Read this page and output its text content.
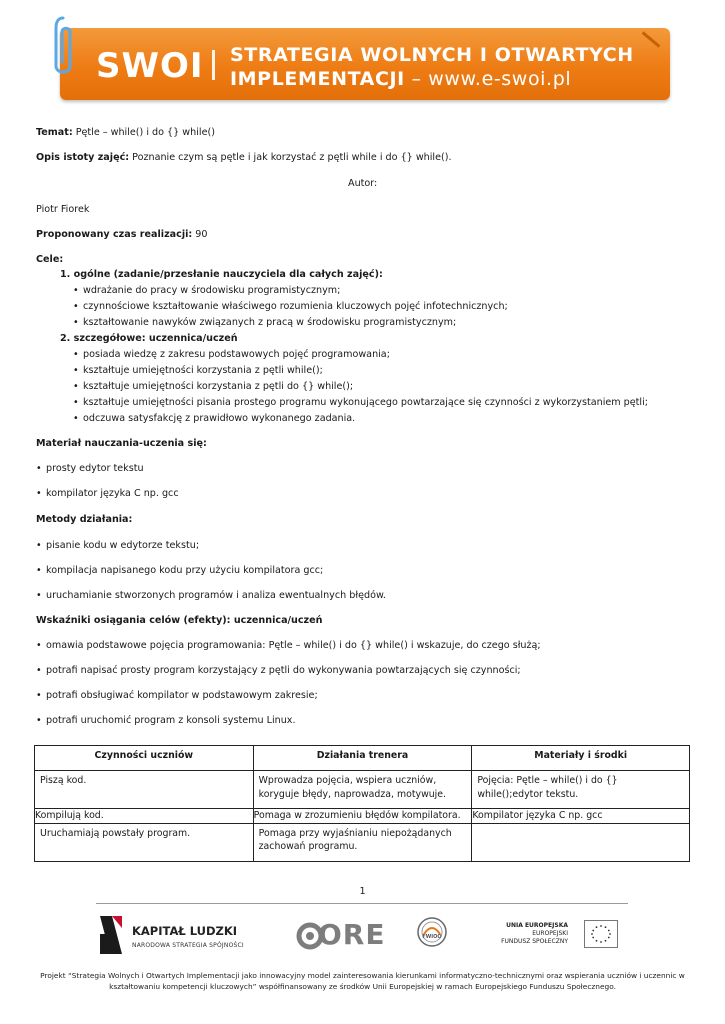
SWOI	STRATEGIA WOLNYCH I OTWARTYCH
IMPLEMENTACJI – www.e-swoi.pl
Temat: Pętle – while() i do {} while()
Opis istoty zajęć: Poznanie czym są pętle i jak korzystać z pętli while i do {} while().
Autor:
Piotr Fiorek
Proponowany czas realizacji: 90
Cele:
1. ogólne (zadanie/przesłanie nauczyciela dla całych zajęć):
• wdrażanie do pracy w środowisku programistycznym;
• czynnościowe kształtowanie właściwego rozumienia kluczowych pojęć infotechnicznych;
• kształtowanie nawyków związanych z pracą w środowisku programistycznym;
2. szczegółowe: uczennica/uczeń
• posiada wiedzę z zakresu podstawowych pojęć programowania;
• kształtuje umiejętności korzystania z pętli while();
• kształtuje umiejętności korzystania z pętli do {} while();
• kształtuje umiejętności pisania prostego programu wykonującego powtarzające się czynności z wykorzystaniem pętli;
• odczuwa satysfakcję z prawidłowo wykonanego zadania.
Materiał nauczania-uczenia się:
• prosty edytor tekstu
• kompilator języka C np. gcc
Metody działania:
• pisanie kodu w edytorze tekstu;
• kompilacja napisanego kodu przy użyciu kompilatora gcc;
• uruchamianie stworzonych programów i analiza ewentualnych błędów.
Wskaźniki osiągania celów (efekty): uczennica/uczeń
• omawia podstawowe pojęcia programowania: Pętle – while() i do {} while() i wskazuje, do czego służą;
• potrafi napisać prosty program korzystający z pętli do wykonywania powtarzających się czynności;
• potrafi obsługiwać kompilator w podstawowym zakresie;
• potrafi uruchomić program z konsoli systemu Linux.
Czynności uczniów	Działania trenera	Materiały i środki
Piszą kod.	Wprowadza pojęcia, wspiera uczniów, koryguje błędy, naprowadza, motywuje.	Pojęcia: Pętle – while() i do {} while();edytor tekstu.
Kompilują kod.	Pomaga w zrozumieniu błędów kompilatora.	Kompilator języka C np. gcc
Uruchamiają powstały program.	Pomaga przy wyjaśnianiu niepożądanych zachowań programu.	
1
KAPITAŁ LUDZKI
NARODOWA STRATEGIA SPÓJNOŚCI	ORE	FWIOO
UNIA EUROPEJSKA
EUROPEJSKI
FUNDUSZ SPOŁECZNY
Projekt “Strategia Wolnych i Otwartych Implementacji jako innowacyjny model zainteresowania kierunkami informatyczno-technicznymi oraz wspierania uczniów i uczennic w kształtowaniu kompetencji kluczowych” współfinansowany ze środków Unii Europejskiej w ramach Europejskiego Funduszu Społecznego.
